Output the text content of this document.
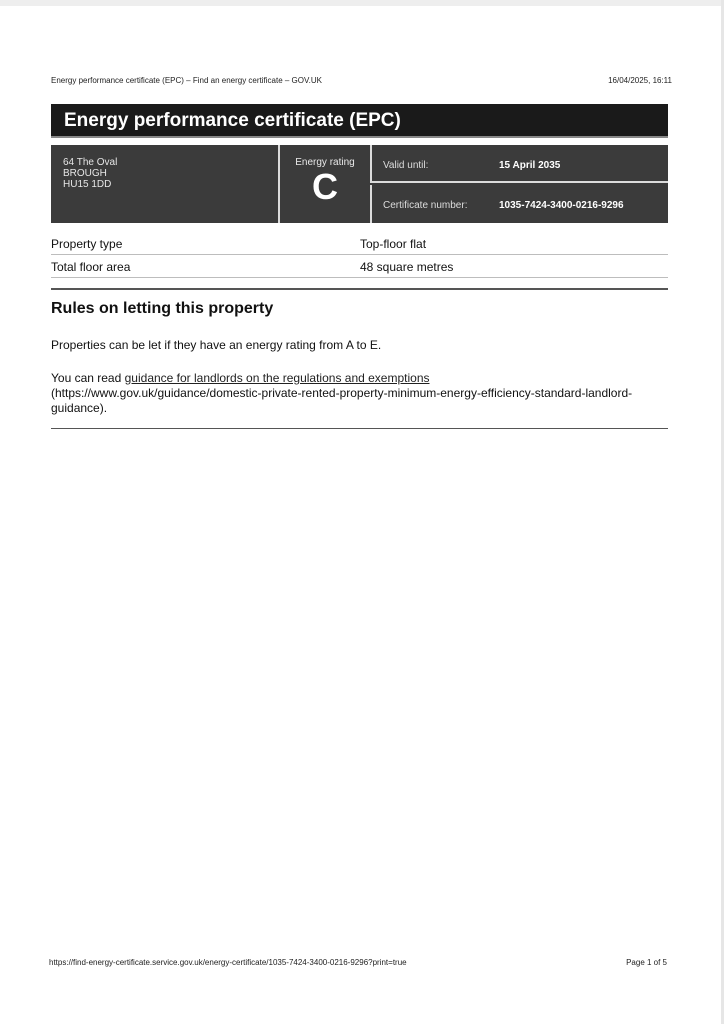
Energy performance certificate (EPC) – Find an energy certificate – GOV.UK	16/04/2025, 16:11
Energy performance certificate (EPC)
64 The Oval
BROUGH
HU15 1DD
Energy rating
C
Valid until:	15 April 2035
Certificate number:	1035-7424-3400-0216-9296
Property type	Top-floor flat
Total floor area	48 square metres
Rules on letting this property

Properties can be let if they have an energy rating from A to E.

You can read guidance for landlords on the regulations and exemptions (https://www.gov.uk/guidance/domestic-private-rented-property-minimum-energy-efficiency-standard-landlord-guidance).

https://find-energy-certificate.service.gov.uk/energy-certificate/1035-7424-3400-0216-9296?print=true	Page 1 of 5
